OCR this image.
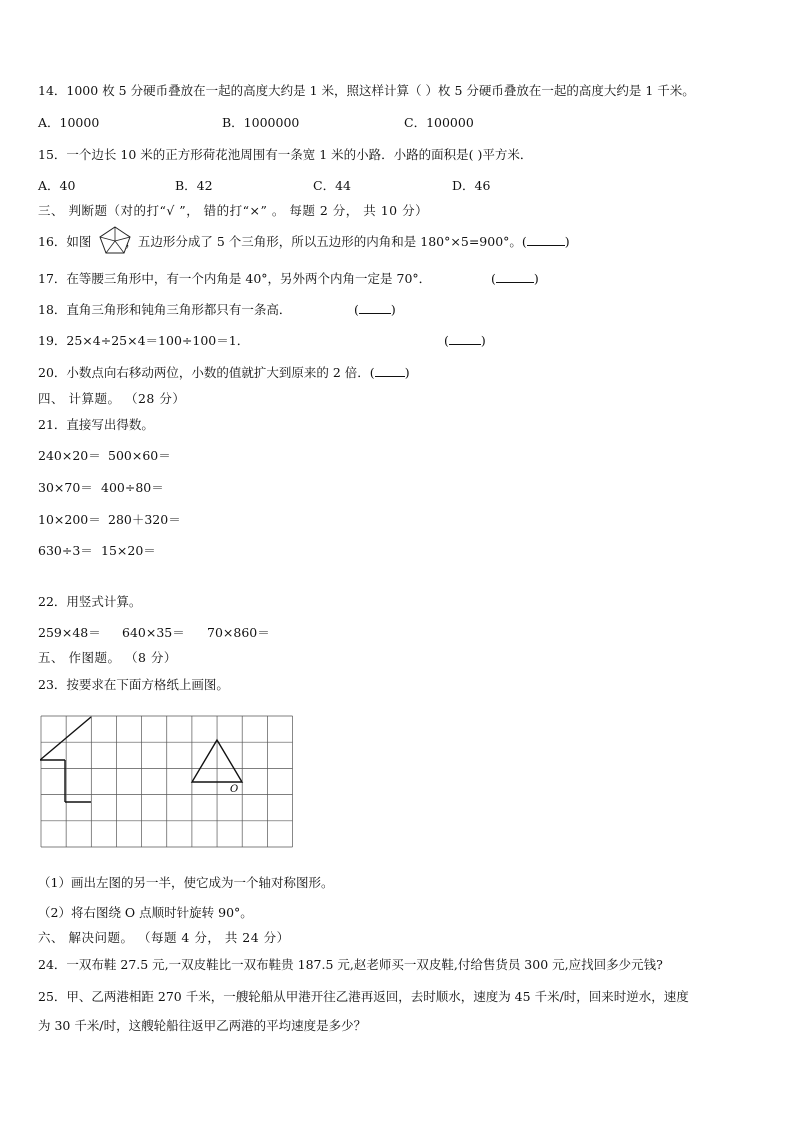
14．1000 枚 5 分硬币叠放在一起的高度大约是 1 米，照这样计算（ ）枚 5 分硬币叠放在一起的高度大约是 1 千米。
A．10000	B．1000000	C．100000
15．一个边长 10 米的正方形荷花池周围有一条宽 1 米的小路．小路的面积是( )平方米．
A．40	B．42	C．44	D．46
三、 判断题（对的打“√ ”， 错的打“×” 。 每题 2 分， 共 10 分）
16．如图	，五边形分成了 5 个三角形，所以五边形的内角和是 180°×5=900°。(	)
17．在等腰三角形中，有一个内角是 40°，另外两个内角一定是 70°．	(	)
18．直角三角形和钝角三角形都只有一条高．	(	)
19．25×4÷25×4＝100÷100＝1．	(	)
20．小数点向右移动两位，小数的值就扩大到原来的 2 倍．( )
四、 计算题。 （28 分）
21．直接写出得数。
240×20＝ 500×60＝
30×70＝ 400÷80＝
10×200＝ 280＋320＝
630÷3＝ 15×20＝
22．用竖式计算。
259×48＝ 640×35＝ 70×860＝
五、 作图题。 （8 分）
23．按要求在下面方格纸上画图。
O
（1）画出左图的另一半，使它成为一个轴对称图形。
（2）将右图绕 O 点顺时针旋转 90°。
六、 解决问题。 （每题 4 分， 共 24 分）
24．一双布鞋 27.5 元,一双皮鞋比一双布鞋贵 187.5 元,赵老师买一双皮鞋,付给售货员 300 元,应找回多少元钱?
25．甲、乙两港相距 270 千米，一艘轮船从甲港开往乙港再返回，去时顺水，速度为 45 千米/时，回来时逆水，速度
为 30 千米/时，这艘轮船往返甲乙两港的平均速度是多少？
